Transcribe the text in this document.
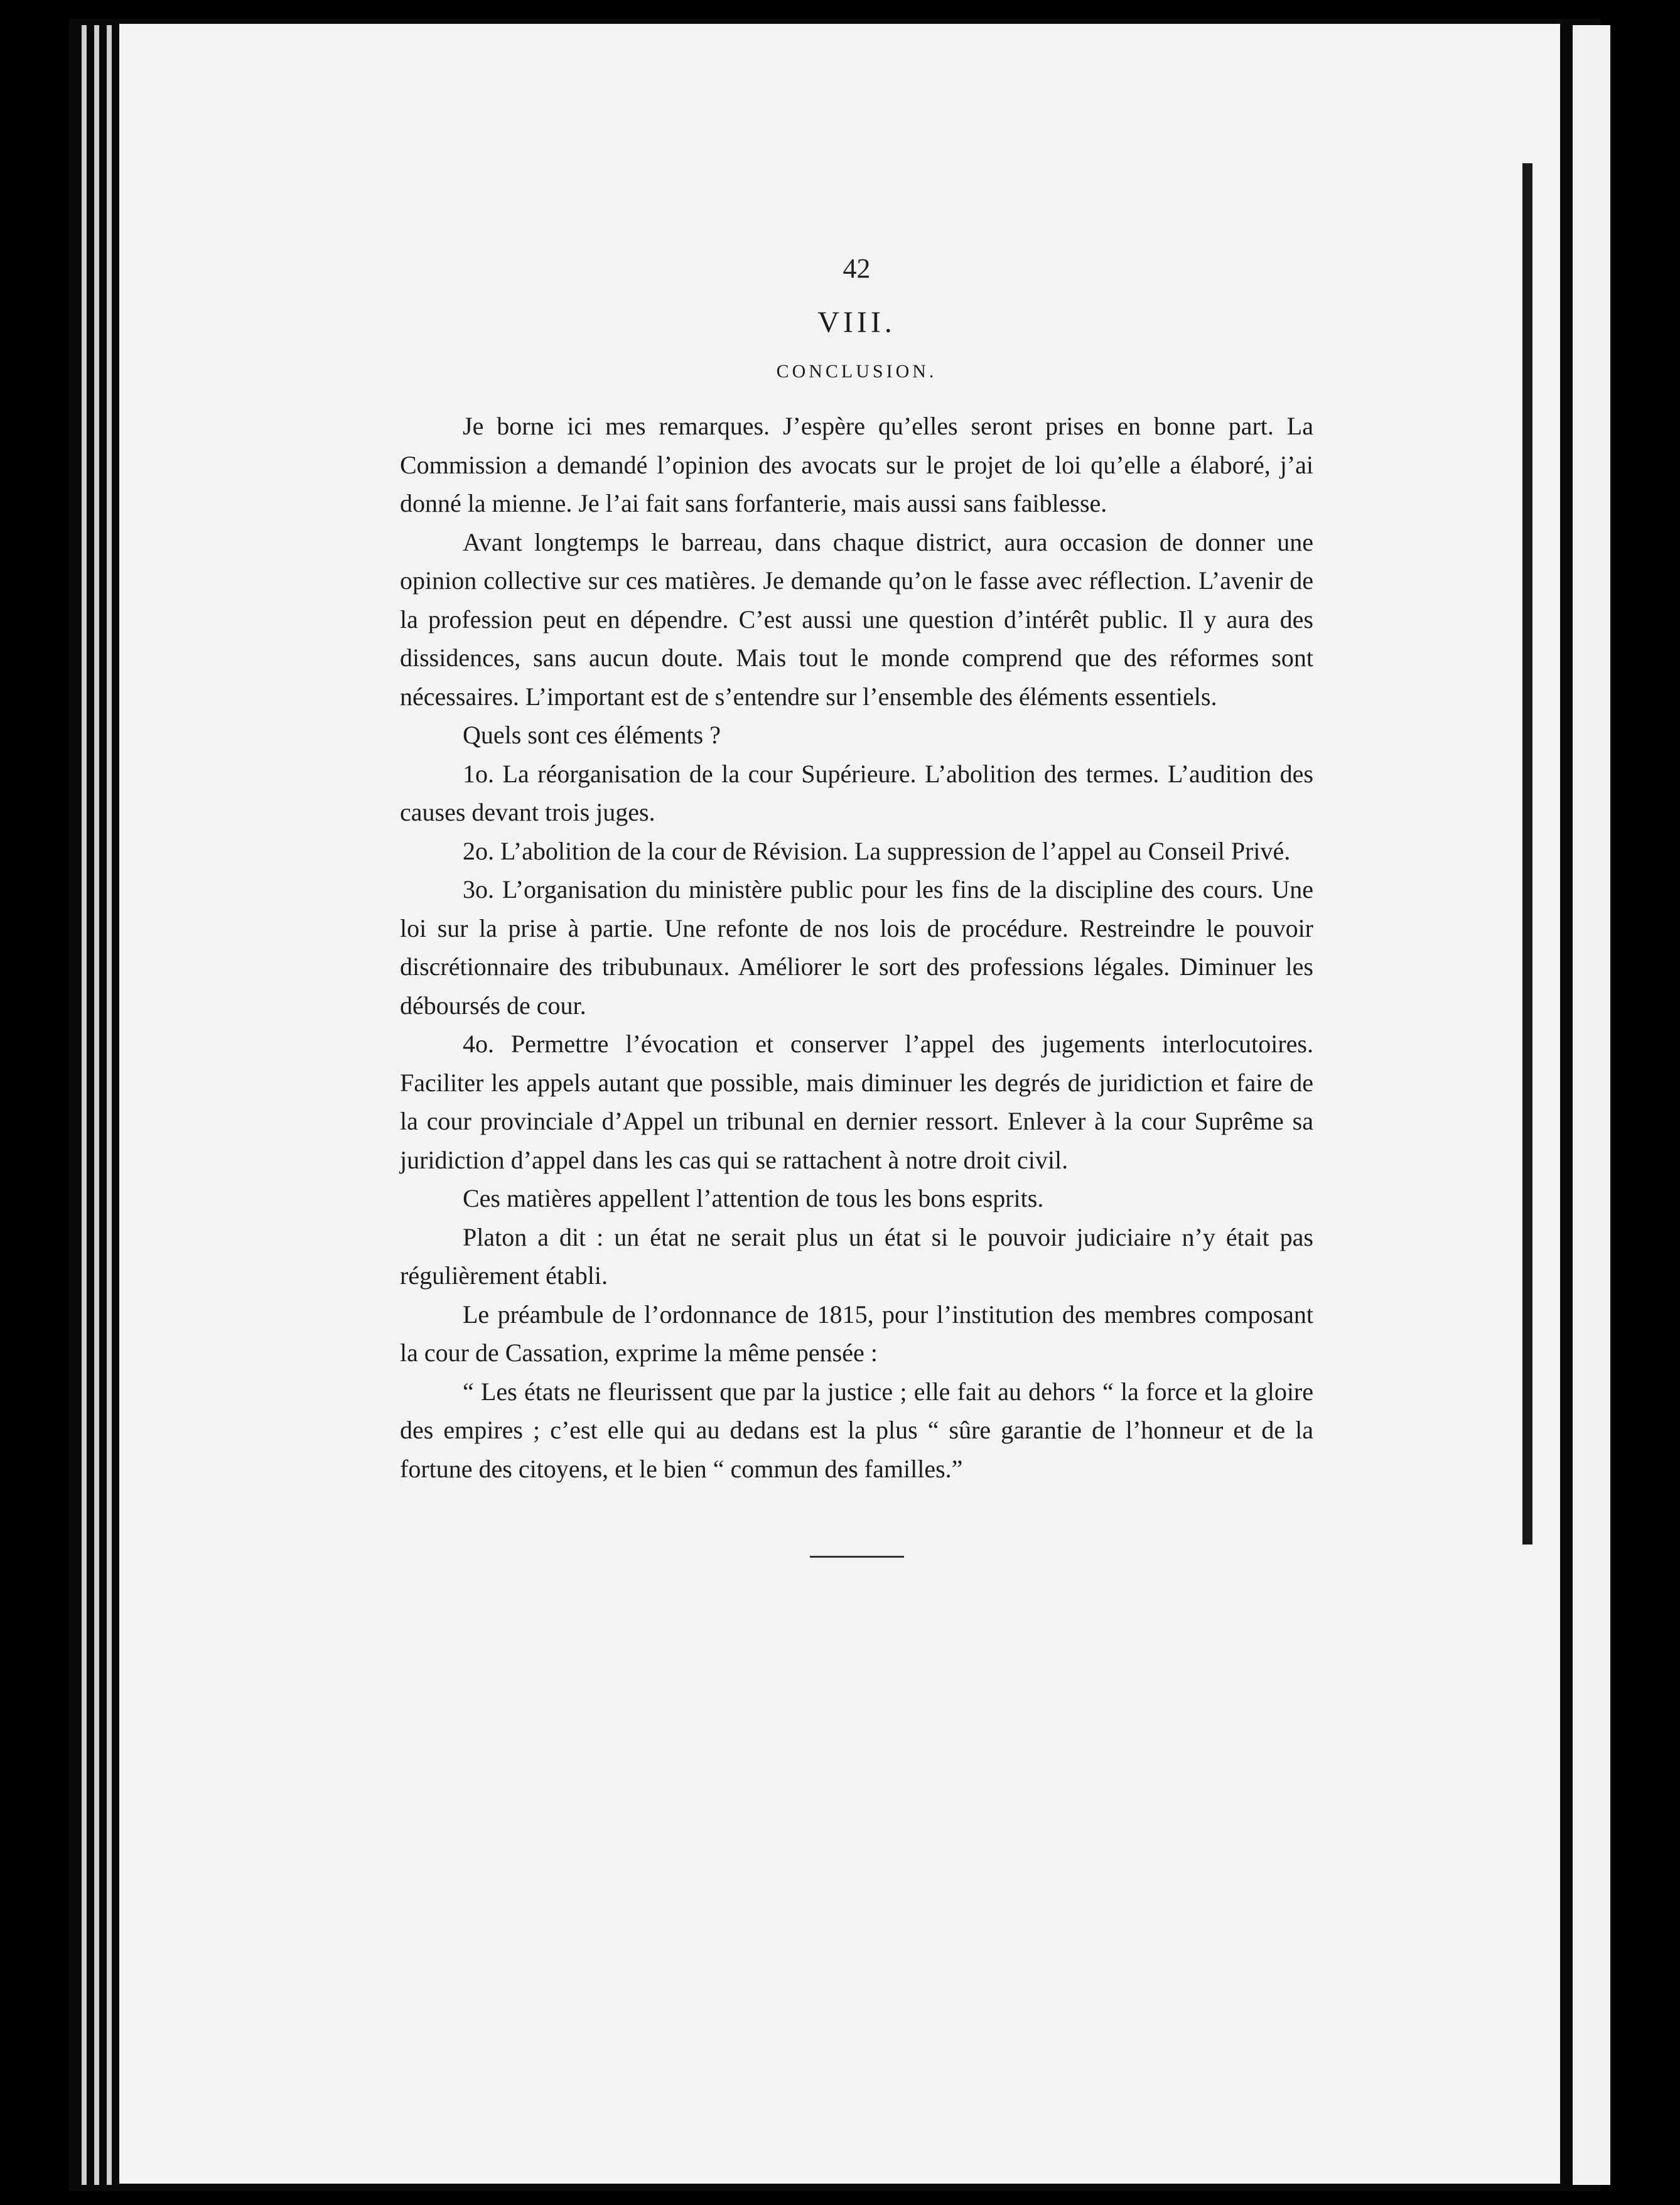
42
VIII.
CONCLUSION.

Je borne ici mes remarques. J’espère qu’elles seront prises en bonne part. La Commission a demandé l’opinion des avocats sur le projet de loi qu’elle a élaboré, j’ai donné la mienne. Je l’ai fait sans forfanterie, mais aussi sans faiblesse.

Avant longtemps le barreau, dans chaque district, aura occasion de donner une opinion collective sur ces matières. Je demande qu’on le fasse avec réflection. L’avenir de la profession peut en dépendre. C’est aussi une question d’intérêt public. Il y aura des dissidences, sans aucun doute. Mais tout le monde comprend que des réformes sont nécessaires. L’important est de s’entendre sur l’ensemble des éléments essentiels.

Quels sont ces éléments ?

1o. La réorganisation de la cour Supérieure. L’abolition des termes. L’audition des causes devant trois juges.

2o. L’abolition de la cour de Révision. La suppression de l’appel au Conseil Privé.

3o. L’organisation du ministère public pour les fins de la discipline des cours. Une loi sur la prise à partie. Une refonte de nos lois de procédure. Restreindre le pouvoir discrétionnaire des tribubunaux. Améliorer le sort des professions légales. Diminuer les déboursés de cour.

4o. Permettre l’évocation et conserver l’appel des jugements interlocutoires. Faciliter les appels autant que possible, mais diminuer les degrés de juridiction et faire de la cour provinciale d’Appel un tribunal en dernier ressort. Enlever à la cour Suprême sa juridiction d’appel dans les cas qui se rattachent à notre droit civil.

Ces matières appellent l’attention de tous les bons esprits.

Platon a dit : un état ne serait plus un état si le pouvoir judiciaire n’y était pas régulièrement établi.

Le préambule de l’ordonnance de 1815, pour l’institution des membres composant la cour de Cassation, exprime la même pensée :

“ Les états ne fleurissent que par la justice ; elle fait au dehors “ la force et la gloire des empires ; c’est elle qui au dedans est la plus “ sûre garantie de l’honneur et de la fortune des citoyens, et le bien “ commun des familles.”
